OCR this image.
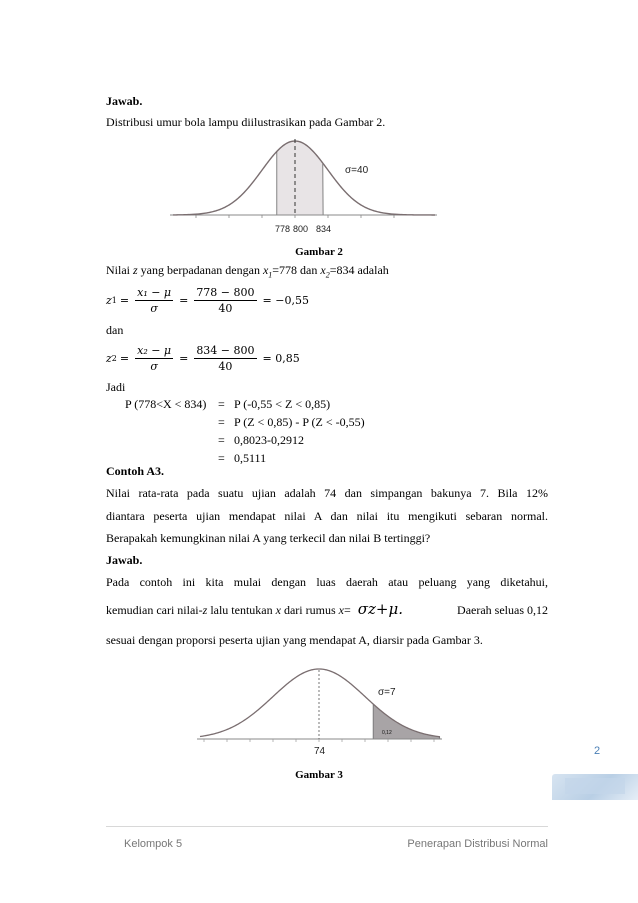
Jawab.
Distribusi umur bola lampu diilustrasikan pada Gambar 2.
σ=40
778 800 834
Gambar 2
Nilai z yang berpadanan dengan $x_1=778$ dan $x_2=834$ adalah
z $1 = \frac{\text{x₁ − μ}}{\sigma} = \frac{778 - 800}{40} = -0,55$
dan
z $2 = \frac{\text{x₂ − μ}}{\sigma} = \frac{834 - 800}{40} = 0,85$
Jadi
P (778<X < 834) = P (-0,55 < Z < 0,85)
= P (Z < 0,85) - P (Z < -0,55)
= 0,8023-0,2912
= 0,5111
Contoh A3.
Nilai rata-rata pada suatu ujian adalah 74 dan simpangan bakunya 7. Bila 12%
diantara peserta ujian mendapat nilai A dan nilai itu mengikuti sebaran normal.
Berapakah kemungkinan nilai A yang terkecil dan nilai B tertinggi?
Jawab.
Pada contoh ini kita mulai dengan luas daerah atau peluang yang diketahui,
kemudian cari nilai-z lalu tentukan x dari rumus x= σz+μ.	Daerah seluas 0,12
sesuai dengan proporsi peserta ujian yang mendapat A, diarsir pada Gambar 3.
σ=7
0,12
74
Gambar 3
2
Kelompok 5	Penerapan Distribusi Normal
